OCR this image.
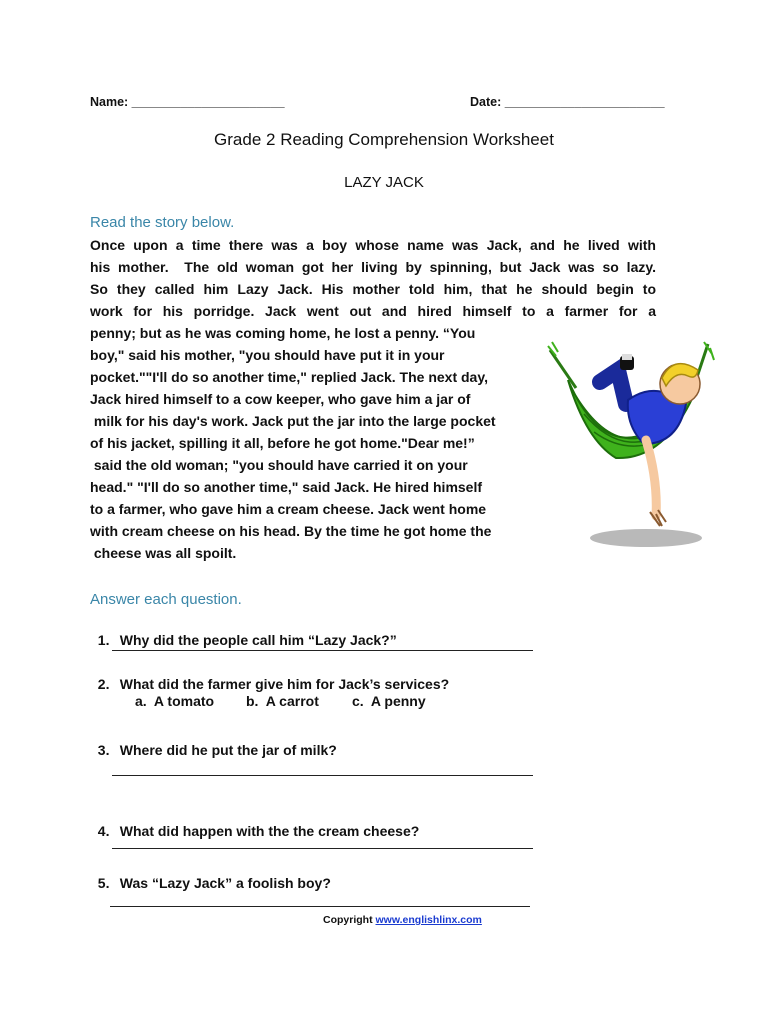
Name: ______________________	Date: _______________________
Grade 2 Reading Comprehension Worksheet
LAZY JACK
Read the story below.
Once upon a time there was a boy whose name was Jack, and he lived with
his mother.  The old woman got her living by spinning, but Jack was so lazy.
So they called him Lazy Jack. His mother told him, that he should begin to
work for his porridge. Jack went out and hired himself to a farmer for a
penny; but as he was coming home, he lost a penny. “You
boy," said his mother, "you should have put it in your
pocket.""I'll do so another time," replied Jack. The next day,
Jack hired himself to a cow keeper, who gave him a jar of
milk for his day's work. Jack put the jar into the large pocket
of his jacket, spilling it all, before he got home."Dear me!”
said the old woman; "you should have carried it on your
head." "I'll do so another time," said Jack. He hired himself
to a farmer, who gave him a cream cheese. Jack went home
with cream cheese on his head. By the time he got home the
cheese was all spoilt.
Answer each question.

1. Why did the people call him “Lazy Jack?”

2. What did the farmer give him for Jack’s services?

a.  A tomato b.  A carrot c.  A penny

3. Where did he put the jar of milk?

4. What did happen with the the cream cheese?

5. Was “Lazy Jack” a foolish boy?

Copyright www.englishlinx.com
